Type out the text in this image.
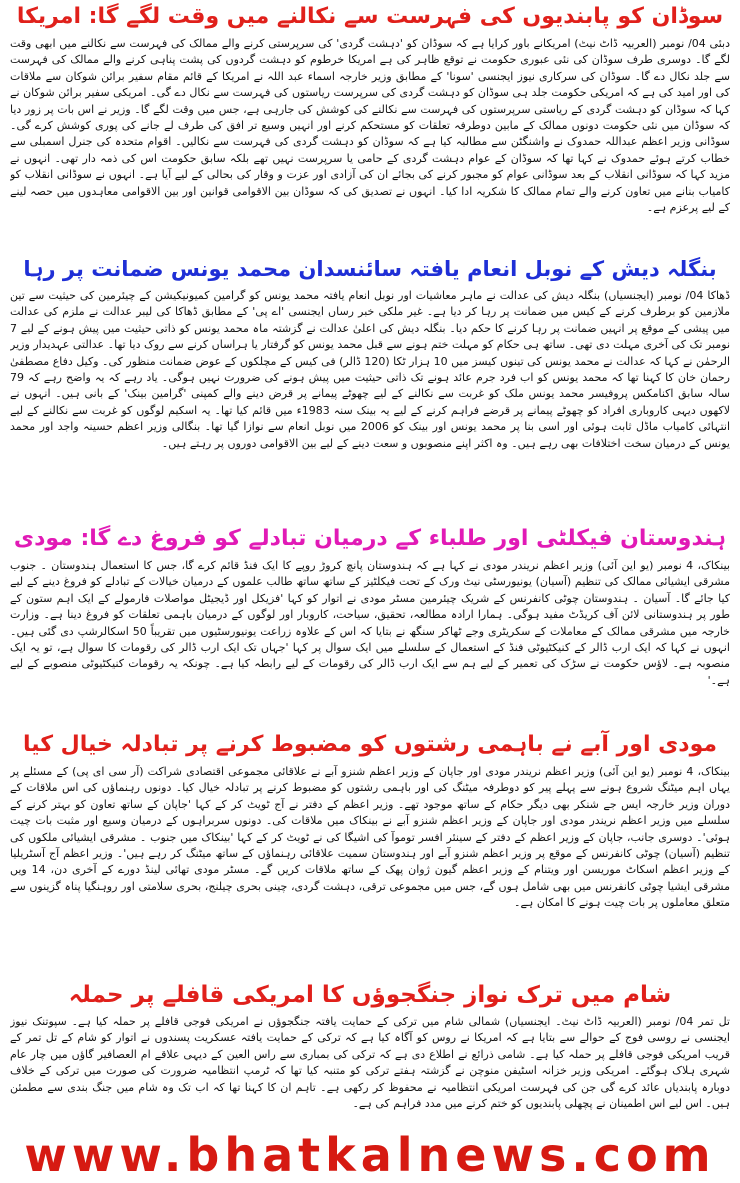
سوڈان کو پابندیوں کی فہرست سے نکالنے میں وقت لگے گا: امریکا

دبئی 04/ نومبر (العربیہ ڈاٹ نیٹ) امریکانے باور کرایا ہے کہ سوڈان کو 'دہشت گردی' کی سرپرستی کرنے والے ممالک کی فہرست سے نکالنے میں ابھی وقت لگے گا۔ دوسری طرف سوڈان کی نئی عبوری حکومت نے توقع ظاہر کی ہے امریکا خرطوم کو دہشت گردوں کی پشت پناہی کرنے والے ممالک کی فہرست سے جلد نکال دے گا۔ سوڈان کی سرکاری نیوز ایجنسی 'سونا' کے مطابق وزیر خارجہ اسماء عبد اللہ نے امریکا کے قائم مقام سفیر برائن شوکان سے ملاقات کی اور امید کی ہے کہ امریکی حکومت جلد ہی سوڈان کو دہشت گردی کی سرپرست ریاستوں کی فہرست سے نکال دے گی۔ امریکی سفیر برائن شوکان نے کہا کہ سوڈان کو دہشت گردی کے ریاستی سرپرستوں کی فہرست سے نکالنے کی کوشش کی جارہی ہے، جس میں وقت لگے گا۔ وزیر نے اس بات پر زور دیا کہ سوڈان میں نئی حکومت دونوں ممالک کے مابین دوطرفہ تعلقات کو مستحکم کرنے اور انہیں وسیع تر افق کی طرف لے جانے کی پوری کوشش کرے گی۔ سوڈانی وزیر اعظم عبداللہ حمدوک نے واشنگٹن سے مطالبہ کیا ہے کہ سوڈان کو دہشت گردی کی فہرست سے نکالیں۔ اقوام متحدہ کی جنرل اسمبلی سے خطاب کرتے ہوئے حمدوک نے کہا تھا کہ سوڈان کے عوام دہشت گردی کے حامی یا سرپرست نہیں تھے بلکہ سابق حکومت اس کی ذمہ دار تھی۔ انہوں نے مزید کہا کہ سوڈانی انقلاب کے بعد سوڈانی عوام کو مجبور کرنے کی بجائے ان کی آزادی اور عزت و وقار کی بحالی کے لیے آیا ہے۔ انہوں نے سوڈانی انقلاب کو کامیاب بنانے میں تعاون کرنے والے تمام ممالک کا شکریہ ادا کیا۔ انہوں نے تصدیق کی کہ سوڈان بین الاقوامی قوانین اور بین الاقوامی معاہدوں میں حصہ لینے کے لیے پرعزم ہے۔

بنگلہ دیش کے نوبل انعام یافتہ سائنسدان محمد یونس ضمانت پر رہا

ڈھاکا 04/ نومبر (ایجنسیاں) بنگلہ دیش کی عدالت نے ماہر معاشیات اور نوبل انعام یافتہ محمد یونس کو گرامین کمیونیکیشن کے چیئرمین کی حیثیت سے تین ملازمین کو برطرف کرنے کے کیس میں ضمانت پر رہا کر دیا ہے۔ غیر ملکی خبر رساں ایجنسی 'اے پی' کے مطابق ڈھاکا کی لیبر عدالت نے ملزم کی عدالت میں پیشی کے موقع پر انہیں ضمانت پر رہا کرنے کا حکم دیا۔ بنگلہ دیش کی اعلیٰ عدالت نے گزشتہ ماہ محمد یونس کو ذاتی حیثیت میں پیش ہونے کے لیے 7 نومبر تک کی آخری مہلت دی تھی۔ ساتھ ہی حکام کو مہلت ختم ہونے سے قبل محمد یونس کو گرفتار یا ہراساں کرنے سے روک دیا تھا۔ عدالتی عہدیدار وزیر الرحمٰن نے کہا کہ عدالت نے محمد یونس کی تینوں کیسز میں 10 ہزار ٹکا (120 ڈالر) فی کیس کے مچلکوں کے عوض ضمانت منظور کی۔ وکیل دفاع مصطفیٰ رحمان خان کا کہنا تھا کہ محمد یونس کو اب فرد جرم عائد ہونے تک ذاتی حیثیت میں پیش ہونے کی ضرورت نہیں ہوگی۔ یاد رہے کہ یہ واضح رہے کہ 79 سالہ سابق اکنامکس پروفیسر محمد یونس ملک کو غربت سے نکالنے کے لیے چھوٹے پیمانے پر قرض دینے والے کمپنی 'گرامین بینک' کے بانی ہیں۔ انہوں نے لاکھوں دیہی کاروباری افراد کو چھوٹے پیمانے پر قرضے فراہم کرنے کے لیے یہ بینک سنہ 1983ء میں قائم کیا تھا۔ یہ اسکیم لوگوں کو غربت سے نکالنے کے لیے انتہائی کامیاب ماڈل ثابت ہوئی اور اسی بنا پر محمد یونس اور بینک کو 2006 میں نوبل انعام سے نوازا گیا تھا۔ بنگالی وزیر اعظم حسینہ واجد اور محمد یونس کے درمیان سخت اختلافات بھی رہے ہیں۔ وہ اکثر اپنے منصوبوں و سعت دینے کے لیے بین الاقوامی دوروں پر رہتے ہیں۔

ہندوستان فیکلٹی اور طلباء کے درمیان تبادلے کو فروغ دے گا: مودی

بینکاک، 4 نومبر (یو این آئی) وزیر اعظم نریندر مودی نے کہا ہے کہ ہندوستان پانچ کروڑ روپے کا ایک فنڈ قائم کرے گا، جس کا استعمال ہندوستان ۔ جنوب مشرقی ایشیائی ممالک کی تنظیم (آسیان) یونیورسٹی نیٹ ورک کے تحت فیکلٹیز کے ساتھ ساتھ طالب علموں کے درمیان خیالات کے تبادلے کو فروغ دینے کے لیے کیا جائے گا۔ آسیان ۔ ہندوستان چوٹی کانفرنس کے شریک چیئرمین مسٹر مودی نے اتوار کو کہا 'فزیکل اور ڈیجیٹل مواصلات فارمولے کے ایک اہم ستون کے طور پر ہندوستانی لائن آف کریڈٹ مفید ہوگی۔ ہمارا ارادہ مطالعہ، تحقیق، سیاحت، کاروبار اور لوگوں کے درمیان باہمی تعلقات کو فروغ دینا ہے۔ وزارت خارجہ میں مشرقی ممالک کے معاملات کے سکریٹری وجے ٹھاکر سنگھ نے بتایا کہ اس کے علاوہ زراعت یونیورسٹیوں میں تقریباً 50 اسکالرشپ دی گئی ہیں۔ انہوں نے کہا کہ ایک ارب ڈالر کے کنیکٹیوٹی فنڈ کے استعمال کے سلسلے میں ایک سوال پر کہا 'جہاں تک ایک ارب ڈالر کی رقومات کا سوال ہے، تو یہ ایک منصوبہ ہے۔ لاؤس حکومت نے سڑک کی تعمیر کے لیے ہم سے ایک ارب ڈالر کی رقومات کے لیے رابطہ کیا ہے۔ چونکہ یہ رقومات کنیکٹیوٹی منصوبے کے لیے ہے۔'

مودی اور آبے نے باہمی رشتوں کو مضبوط کرنے پر تبادلہ خیال کیا

بینکاک، 4 نومبر (یو این آئی) وزیر اعظم نریندر مودی اور جاپان کے وزیر اعظم شنزو آبے نے علاقائی مجموعی اقتصادی شراکت (آر سی ای پی) کے مسئلے پر یہاں اہم میٹنگ شروع ہونے سے پہلے پیر کو دوطرفہ میٹنگ کی اور باہمی رشتوں کو مضبوط کرنے پر تبادلہ خیال کیا۔ دونوں رہنماؤں کی اس ملاقات کے دوران وزیر خارجہ ایس جے شنکر بھی دیگر حکام کے ساتھ موجود تھے۔ وزیر اعظم کے دفتر نے آج ٹویٹ کر کے کہا 'جاپان کے ساتھ تعاون کو بہتر کرنے کے سلسلے میں وزیر اعظم نریندر مودی اور جاپان کے وزیر اعظم شنزو آبے نے بینکاک میں ملاقات کی۔ دونوں سربراہوں کے درمیان وسیع اور مثبت بات چیت ہوئی'۔ دوسری جانب، جاپان کے وزیر اعظم کے دفتر کے سینئر افسر توموآ کی اشیگا کی نے ٹویٹ کر کے کہا 'بینکاک میں جنوب ۔ مشرقی ایشیائی ملکوں کی تنظیم (آسیان) چوٹی کانفرنس کے موقع پر وزیر اعظم شنزو آبے اور ہندوستان سمیت علاقائی رہنماؤں کے ساتھ میٹنگ کر رہے ہیں'۔ وزیر اعظم آج آسٹریلیا کے وزیر اعظم اسکاٹ موریسن اور ویتنام کے وزیر اعظم گیون ژوان پھک کے ساتھ ملاقات کریں گے۔ مسٹر مودی تھائی لینڈ دورے کے آخری دن، 14 ویں مشرقی ایشیا چوٹی کانفرنس میں بھی شامل ہوں گے، جس میں مجموعی ترقی، دہشت گردی، چینی بحری چیلنج، بحری سلامتی اور روہنگیا پناہ گزینوں سے متعلق معاملوں پر بات چیت ہونے کا امکان ہے۔

شام میں ترک نواز جنگجوؤں کا امریکی قافلے پر حملہ

تل تمر 04/ نومبر (العربیہ ڈاٹ نیٹ۔ ایجنسیاں) شمالی شام میں ترکی کے حمایت یافتہ جنگجوؤں نے امریکی فوجی قافلے پر حملہ کیا ہے۔ سپوتنک نیوز ایجنسی نے روسی فوج کے حوالے سے بتایا ہے کہ امریکا نے روس کو آگاہ کیا ہے کہ ترکی کے حمایت یافتہ عسکریت پسندوں نے اتوار کو شام کے تل تمر کے قریب امریکی فوجی قافلے پر حملہ کیا ہے۔ شامی ذرائع نے اطلاع دی ہے کہ ترکی کی بمباری سے راس العین کے دیہی علاقے ام العصافیر گاؤں میں چار عام شہری ہلاک ہوگئے۔ امریکی وزیر خزانہ اسٹیفن منوچن نے گزشتہ ہفتے ترکی کو متنبہ کیا تھا کہ ٹرمپ انتظامیہ ضرورت کی صورت میں ترکی کے خلاف دوبارہ پابندیاں عائد کرے گی جن کی فہرست امریکی انتظامیہ نے محفوظ کر رکھی ہے۔ تاہم ان کا کہنا تھا کہ اب تک وہ شام میں جنگ بندی سے مطمئن ہیں۔ اس لیے اس اطمینان نے پچھلی پابندیوں کو ختم کرنے میں مدد فراہم کی ہے۔

www.bhatkalnews.com
